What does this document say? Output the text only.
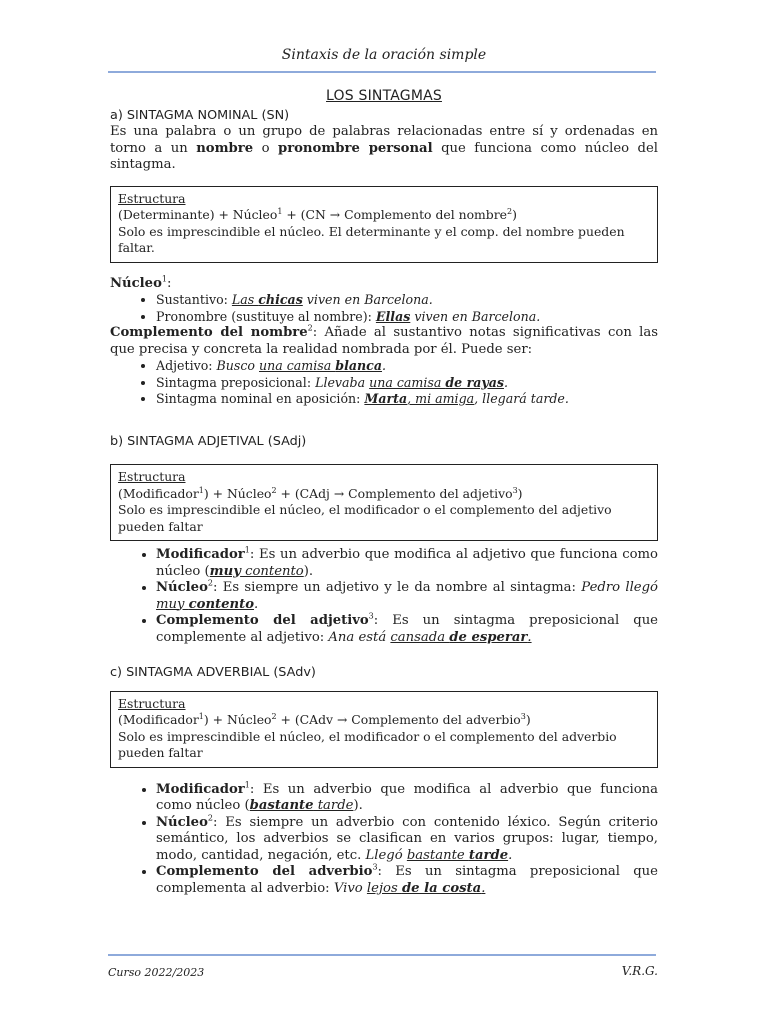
Sintaxis de la oración simple
LOS SINTAGMAS
a) SINTAGMA NOMINAL (SN)

Es una palabra o un grupo de palabras relacionadas entre sí y ordenadas en torno a un nombre o pronombre personal que funciona como núcleo del sintagma.

Estructura
(Determinante) + Núcleo$^1$ + (CN → Complemento del nombre$^2$)
Solo es imprescindible el núcleo. El determinante y el comp. del nombre pueden faltar.
Núcleo$^1$:
• Sustantivo: Las chicas viven en Barcelona.
• Pronombre (sustituye al nombre): Ellas viven en Barcelona.

Complemento del nombre$^2$: Añade al sustantivo notas significativas con las que precisa y concreta la realidad nombrada por él. Puede ser:

• Adjetivo: Busco una camisa blanca.
• Sintagma preposicional: Llevaba una camisa de rayas.
• Sintagma nominal en aposición: Marta, mi amiga, llegará tarde.
b) SINTAGMA ADJETIVAL (SAdj)
Estructura
(Modificador$^1$) + Núcleo$^2$ + (CAdj → Complemento del adjetivo$^3$)
Solo es imprescindible el núcleo, el modificador o el complemento del adjetivo pueden faltar
• Modificador$^1$: Es un adverbio que modifica al adjetivo que funciona como núcleo (muy contento).
• Núcleo$^2$: Es siempre un adjetivo y le da nombre al sintagma: Pedro llegó muy contento.
• Complemento del adjetivo$^3$: Es un sintagma preposicional que complemente al adjetivo: Ana está cansada de esperar.
c) SINTAGMA ADVERBIAL (SAdv)
Estructura
(Modificador$^1$) + Núcleo$^2$ + (CAdv → Complemento del adverbio$^3$)
Solo es imprescindible el núcleo, el modificador o el complemento del adverbio pueden faltar
• Modificador$^1$: Es un adverbio que modifica al adverbio que funciona como núcleo (bastante tarde).
• Núcleo$^2$: Es siempre un adverbio con contenido léxico. Según criterio semántico, los adverbios se clasifican en varios grupos: lugar, tiempo, modo, cantidad, negación, etc. Llegó bastante tarde.
• Complemento del adverbio$^3$: Es un sintagma preposicional que complementa al adverbio: Vivo lejos de la costa.
Curso 2022/2023	V.R.G.
